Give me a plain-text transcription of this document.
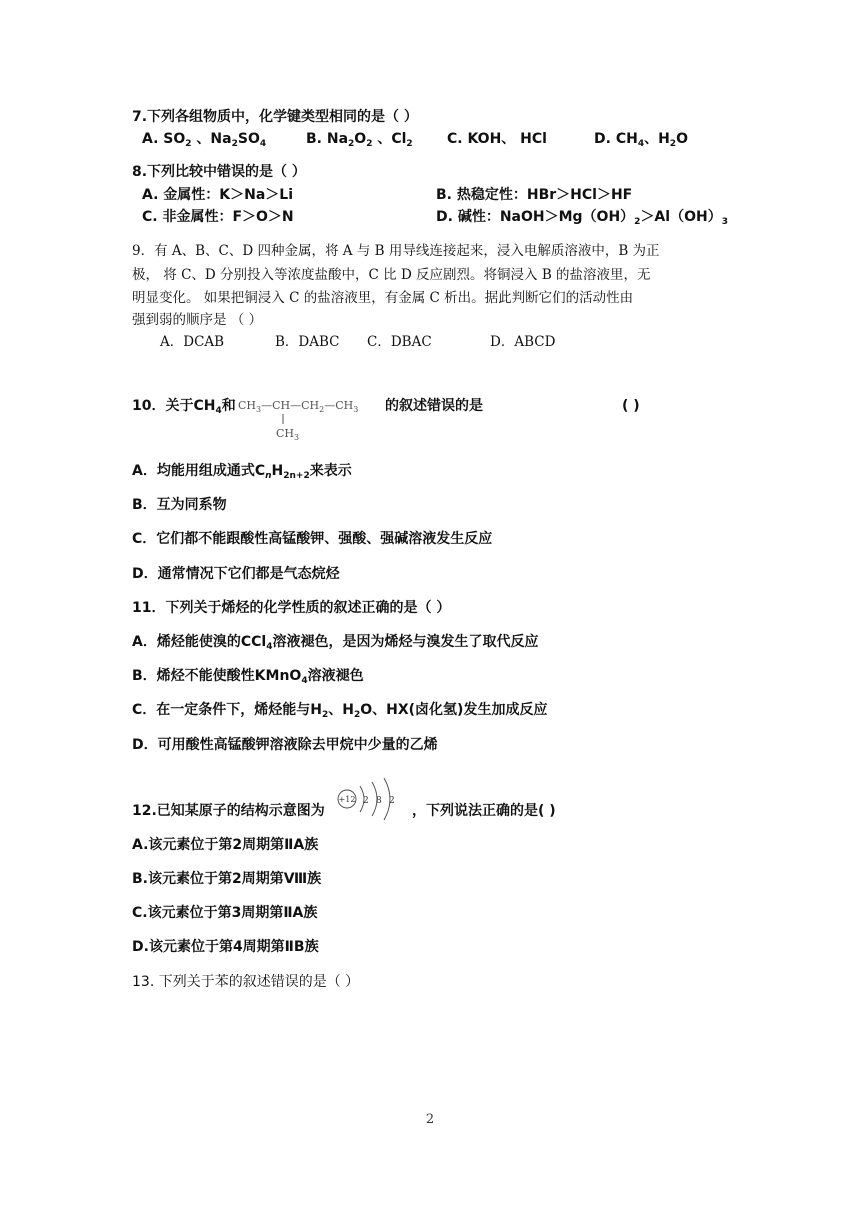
7.下列各组物质中，化学键类型相同的是（ ）
A. $SO_2$ 、$Na_2SO_4$	B. $Na_2O_2$ 、$Cl_2$ C. KOH、 HCl	D. $CH_4$、$H_2O$
8.下列比较中错误的是（ ）
A. 金属性：K＞Na＞Li	B. 热稳定性：HBr＞HCl＞HF
C. 非金属性：F＞O＞N	D. 碱性：$NaOH>Mg(OH)_2>Al(OH)_3$
9．有 A、B、C、D 四种金属，将 A 与 B 用导线连接起来，浸入电解质溶液中，B 为正
极， 将 C、D 分别投入等浓度盐酸中，C 比 D 反应剧烈。将铜浸入 B 的盐溶液里，无
明显变化。 如果把铜浸入 C 的盐溶液里，有金属 C 析出。据此判断它们的活动性由
强到弱的顺序是 （ ）
A．DCAB	B．DABC C．DBAC	D．ABCD
10．关于$CH_4$和 $CH_3—CH—CH_2—CH_3$
$CH_3$
的叙述错误的是	( )
A．均能用组成通式$C_nH_{2n+2}$来表示
B．互为同系物
C．它们都不能跟酸性高锰酸钾、强酸、强碱溶液发生反应
D．通常情况下它们都是气态烷烃
11．下列关于烯烃的化学性质的叙述正确的是（ ）
A．烯烃能使溴的CCl$_4$溶液褪色，是因为烯烃与溴发生了取代反应
B．烯烃不能使酸性KMnO$_4$溶液褪色
C．在一定条件下，烯烃能与$H_2$、$H_2O$、HX(卤化氢)发生加成反应
D．可用酸性高锰酸钾溶液除去甲烷中少量的乙烯
12.已知某原子的结构示意图为
+12 2 8 2
，下列说法正确的是( )
A.该元素位于第2周期第ⅡA族
B.该元素位于第2周期第Ⅷ族
C.该元素位于第3周期第ⅡA族
D.该元素位于第4周期第ⅡB族
13. 下列关于苯的叙述错误的是（ ）
2
